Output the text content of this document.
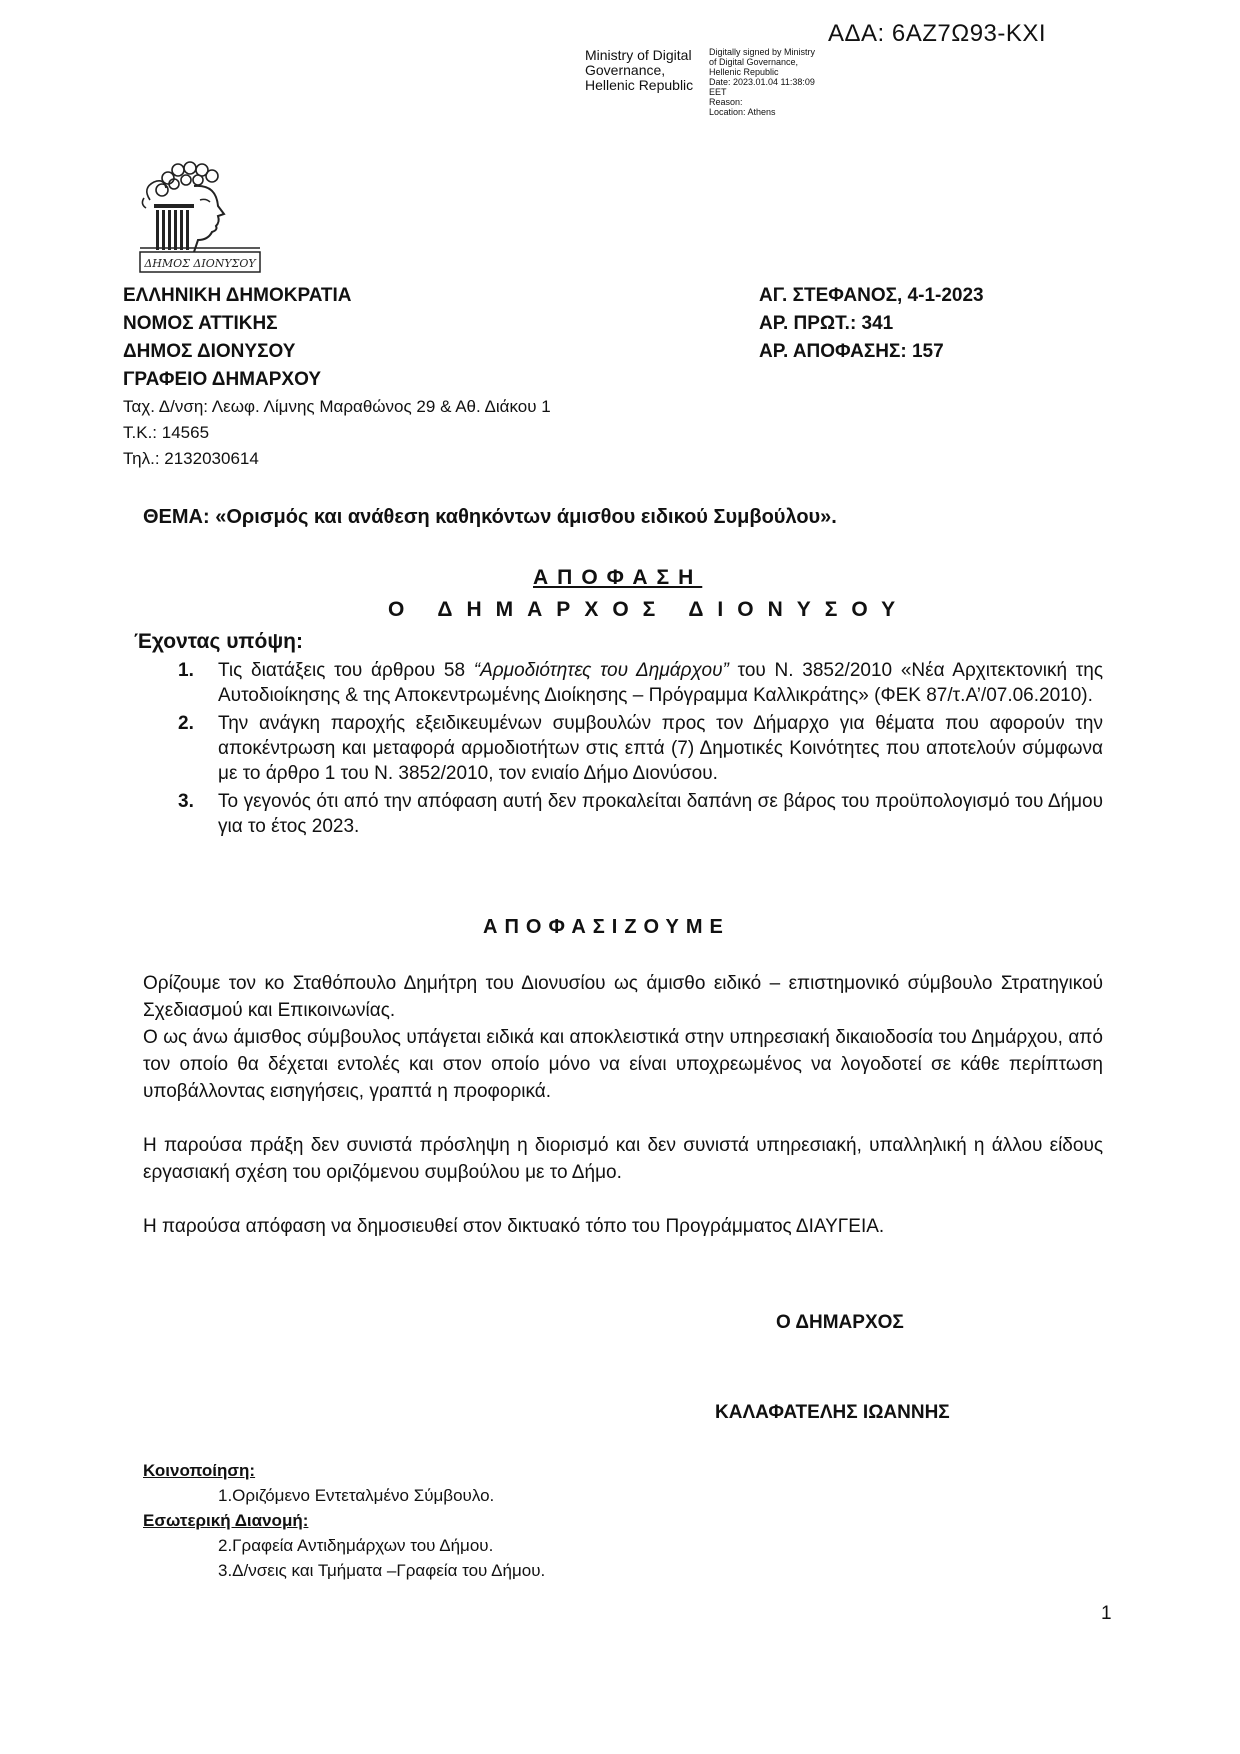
ΑΔΑ: 6ΑΖ7Ω93-ΚΧΙ
Ministry of Digital
Governance,
Hellenic Republic
Digitally signed by Ministry
of Digital Governance,
Hellenic Republic
Date: 2023.01.04 11:38:09
EET
Reason:
Location: Athens
ΔΗΜΟΣ ΔΙΟΝΥΣΟΥ
ΕΛΛΗΝΙΚΗ ΔΗΜΟΚΡΑΤΙΑ
ΝΟΜΟΣ ΑΤΤΙΚΗΣ
ΔΗΜΟΣ ΔΙΟΝΥΣΟΥ
ΓΡΑΦΕΙΟ ΔΗΜΑΡΧΟΥ
ΑΓ. ΣΤΕΦΑΝΟΣ, 4-1-2023
ΑΡ. ΠΡΩΤ.: 341
ΑΡ. ΑΠΟΦΑΣΗΣ: 157
Ταχ. Δ/νση: Λεωφ. Λίμνης Μαραθώνος 29 & Αθ. Διάκου 1
Τ.Κ.: 14565
Τηλ.: 2132030614
ΘΕΜΑ: «Ορισμός και ανάθεση καθηκόντων άμισθου ειδικού Συμβούλου».
ΑΠΟΦΑΣΗ
Ο ΔΗΜΑΡΧΟΣ ΔΙΟΝΥΣΟΥ
Έχοντας υπόψη:
1. Τις διατάξεις του άρθρου 58 “Αρμοδιότητες του Δημάρχου” του Ν. 3852/2010 «Νέα Αρχιτεκτονική της Αυτοδιοίκησης & της Αποκεντρωμένης Διοίκησης – Πρόγραμμα Καλλικράτης» (ΦΕΚ 87/τ.Α’/07.06.2010).
2. Την ανάγκη παροχής εξειδικευμένων συμβουλών προς τον Δήμαρχο για θέματα που αφορούν την αποκέντρωση και μεταφορά αρμοδιοτήτων στις επτά (7) Δημοτικές Κοινότητες που αποτελούν σύμφωνα με το άρθρο 1 του Ν. 3852/2010, τον ενιαίο Δήμο Διονύσου.
3. Το γεγονός ότι από την απόφαση αυτή δεν προκαλείται δαπάνη σε βάρος του προϋπολογισμό του Δήμου για το έτος 2023.
ΑΠΟΦΑΣΙΖΟΥΜΕ

Ορίζουμε τον κο Σταθόπουλο Δημήτρη του Διονυσίου ως άμισθο ειδικό – επιστημονικό σύμβουλο Στρατηγικού Σχεδιασμού και Επικοινωνίας.

Ο ως άνω άμισθος σύμβουλος υπάγεται ειδικά και αποκλειστικά στην υπηρεσιακή δικαιοδοσία του Δημάρχου, από τον οποίο θα δέχεται εντολές και στον οποίο μόνο να είναι υποχρεωμένος να λογοδοτεί σε κάθε περίπτωση υποβάλλοντας εισηγήσεις, γραπτά η προφορικά.

Η παρούσα πράξη δεν συνιστά πρόσληψη η διορισμό και δεν συνιστά υπηρεσιακή, υπαλληλική η άλλου είδους εργασιακή σχέση του οριζόμενου συμβούλου με το Δήμο.

Η παρούσα απόφαση να δημοσιευθεί στον δικτυακό τόπο του Προγράμματος ΔΙΑΥΓΕΙΑ.

Ο ΔΗΜΑΡΧΟΣ
ΚΑΛΑΦΑΤΕΛΗΣ ΙΩΑΝΝΗΣ
Κοινοποίηση:
1.Οριζόμενο Εντεταλμένο Σύμβουλο.
Εσωτερική Διανομή:
2.Γραφεία Αντιδημάρχων του Δήμου.
3.Δ/νσεις και Τμήματα –Γραφεία του Δήμου.
1
